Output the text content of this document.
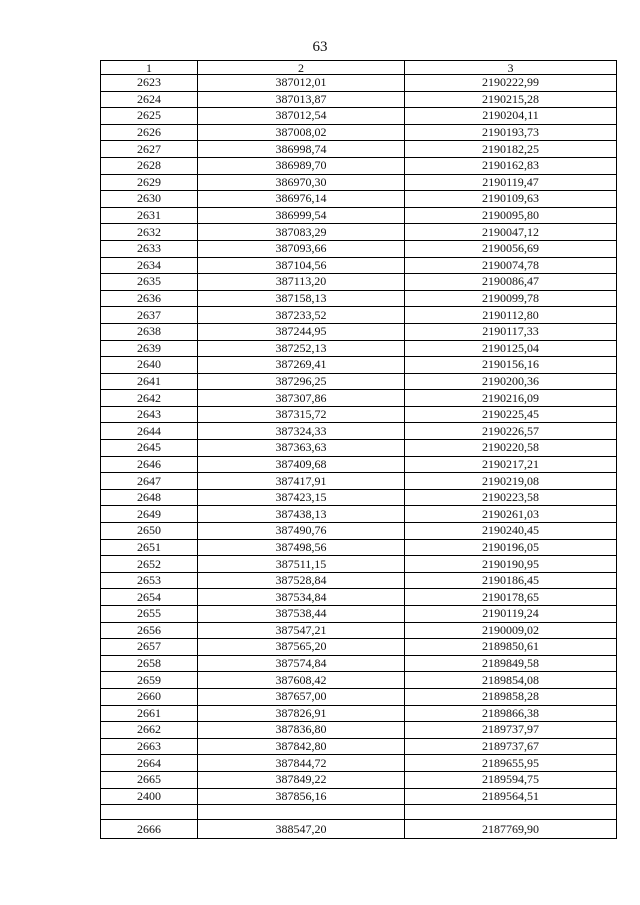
63
1	2	3
2623	387012,01	2190222,99
2624	387013,87	2190215,28
2625	387012,54	2190204,11
2626	387008,02	2190193,73
2627	386998,74	2190182,25
2628	386989,70	2190162,83
2629	386970,30	2190119,47
2630	386976,14	2190109,63
2631	386999,54	2190095,80
2632	387083,29	2190047,12
2633	387093,66	2190056,69
2634	387104,56	2190074,78
2635	387113,20	2190086,47
2636	387158,13	2190099,78
2637	387233,52	2190112,80
2638	387244,95	2190117,33
2639	387252,13	2190125,04
2640	387269,41	2190156,16
2641	387296,25	2190200,36
2642	387307,86	2190216,09
2643	387315,72	2190225,45
2644	387324,33	2190226,57
2645	387363,63	2190220,58
2646	387409,68	2190217,21
2647	387417,91	2190219,08
2648	387423,15	2190223,58
2649	387438,13	2190261,03
2650	387490,76	2190240,45
2651	387498,56	2190196,05
2652	387511,15	2190190,95
2653	387528,84	2190186,45
2654	387534,84	2190178,65
2655	387538,44	2190119,24
2656	387547,21	2190009,02
2657	387565,20	2189850,61
2658	387574,84	2189849,58
2659	387608,42	2189854,08
2660	387657,00	2189858,28
2661	387826,91	2189866,38
2662	387836,80	2189737,97
2663	387842,80	2189737,67
2664	387844,72	2189655,95
2665	387849,22	2189594,75
2400	387856,16	2189564,51

2666	388547,20	2187769,90
